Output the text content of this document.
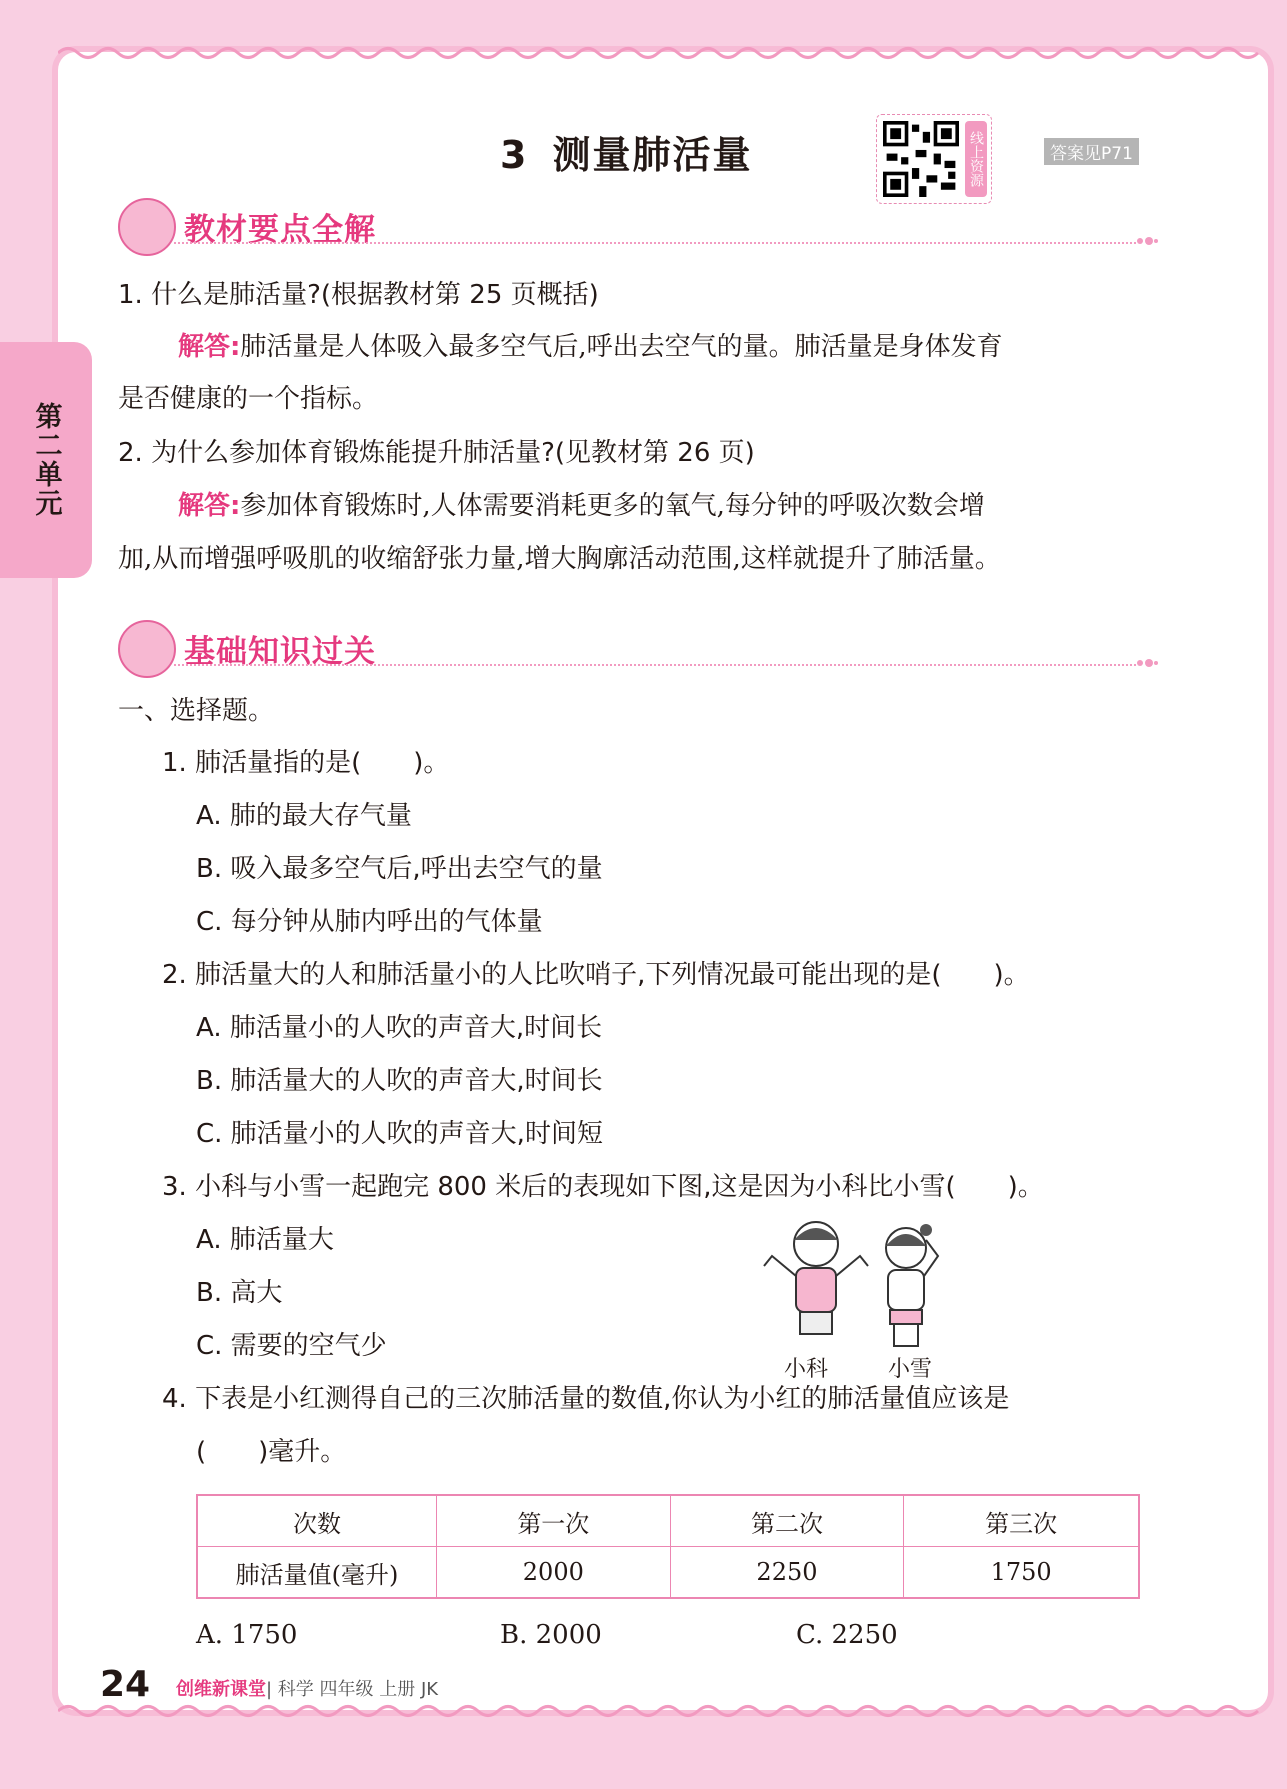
第二单元
3 测量肺活量	线上资源	答案见P71
教材要点全解
1. 什么是肺活量?(根据教材第 25 页概括)
解答:肺活量是人体吸入最多空气后,呼出去空气的量。肺活量是身体发育
是否健康的一个指标。
2. 为什么参加体育锻炼能提升肺活量?(见教材第 26 页)
解答:参加体育锻炼时,人体需要消耗更多的氧气,每分钟的呼吸次数会增
加,从而增强呼吸肌的收缩舒张力量,增大胸廓活动范围,这样就提升了肺活量。
基础知识过关
一、选择题。
1. 肺活量指的是(　　)。
A. 肺的最大存气量
B. 吸入最多空气后,呼出去空气的量
C. 每分钟从肺内呼出的气体量
2. 肺活量大的人和肺活量小的人比吹哨子,下列情况最可能出现的是(　　)。
A. 肺活量小的人吹的声音大,时间长
B. 肺活量大的人吹的声音大,时间长
C. 肺活量小的人吹的声音大,时间短
3. 小科与小雪一起跑完 800 米后的表现如下图,这是因为小科比小雪(　　)。
A. 肺活量大
B. 高大
C. 需要的空气少
小科	小雪
4. 下表是小红测得自己的三次肺活量的数值,你认为小红的肺活量值应该是
(　　)毫升。
次数	第一次	第二次	第三次
肺活量值(毫升)	2000	2250	1750
A. 1750	B. 2000	C. 2250
24 创维新课堂| 科学 四年级 上册 JK
